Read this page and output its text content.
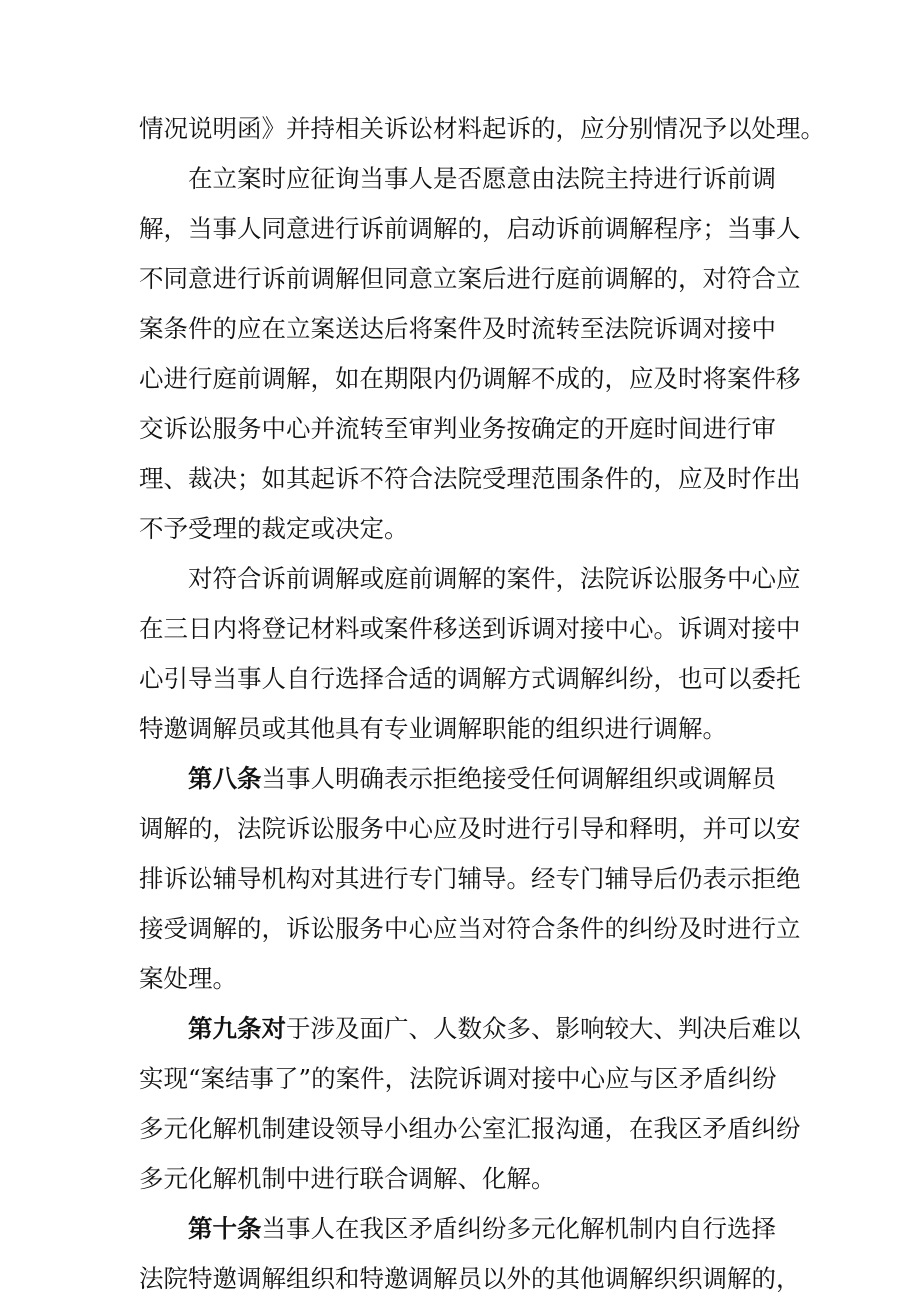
情 况 说 明 函 》 并 持 相 关 诉 讼 材 料 起 诉 的 ， 应 分 别 情 况 予 以 处 理 。
在 立 案 时 应 征 询 当 事 人 是 否 愿 意 由 法 院 主 持 进 行 诉 前 调
解 ， 当 事 人 同 意 进 行 诉 前 调 解 的 ， 启 动 诉 前 调 解 程 序 ； 当 事 人
不 同 意 进 行 诉 前 调 解 但 同 意 立 案 后 进 行 庭 前 调 解 的 ， 对 符 合 立
案 条 件 的 应 在 立 案 送 达 后 将 案 件 及 时 流 转 至 法 院 诉 调 对 接 中
心 进 行 庭 前 调 解 ， 如 在 期 限 内 仍 调 解 不 成 的 ， 应 及 时 将 案 件 移
交 诉 讼 服 务 中 心 并 流 转 至 审 判 业 务 按 确 定 的 开 庭 时 间 进 行 审
理 、 裁 决 ； 如 其 起 诉 不 符 合 法 院 受 理 范 围 条 件 的 ， 应 及 时 作 出
不予受理的裁定或决定。
对 符 合 诉 前 调 解 或 庭 前 调 解 的 案 件 ， 法 院 诉 讼 服 务 中 心 应
在 三 日 内 将 登 记 材 料 或 案 件 移 送 到 诉 调 对 接 中 心 。 诉 调 对 接 中
心 引 导 当 事 人 自 行 选 择 合 适 的 调 解 方 式 调 解 纠 纷 ， 也 可 以 委 托
特邀调解员或其他具有专业调解职能的组织进行调解。
第 八 条 当 事 人 明 确 表 示 拒 绝 接 受 任 何 调 解 组 织 或 调 解 员
调 解 的 ， 法 院 诉 讼 服 务 中 心 应 及 时 进 行 引 导 和 释 明 ， 并 可 以 安
排 诉 讼 辅 导 机 构 对 其 进 行 专 门 辅 导 。 经 专 门 辅 导 后 仍 表 示 拒 绝
接 受 调 解 的 ， 诉 讼 服 务 中 心 应 当 对 符 合 条 件 的 纠 纷 及 时 进 行 立
案处理。
第 九 条 对 于 涉 及 面 广 、 人 数 众 多 、 影 响 较 大 、 判 决 后 难 以
实 现 “ 案 结 事 了 ” 的 案 件 ， 法 院 诉 调 对 接 中 心 应 与 区 矛 盾 纠 纷
多 元 化 解 机 制 建 设 领 导 小 组 办 公 室 汇 报 沟 通 ， 在 我 区 矛 盾 纠 纷
多元化解机制中进行联合调解、化解。
第 十 条 当 事 人 在 我 区 矛 盾 纠 纷 多 元 化 解 机 制 内 自 行 选 择
法 院 特 邀 调 解 组 织 和 特 邀 调 解 员 以 外 的 其 他 调 解 织 织 调 解 的 ，
